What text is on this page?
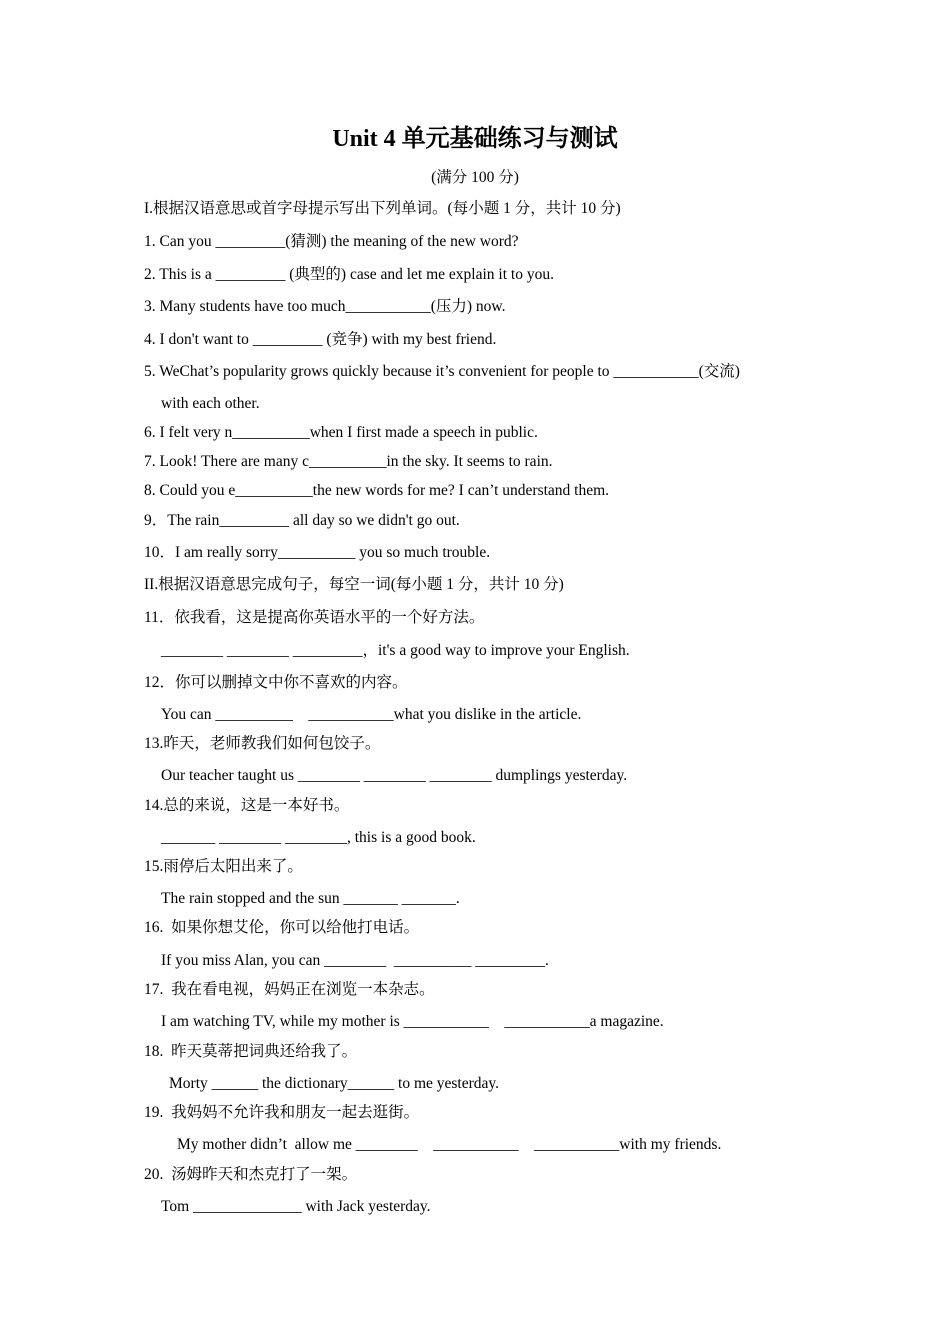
Unit 4 单元基础练习与测试
(满分 100 分)
I.根据汉语意思或首字母提示写出下列单词。(每小题 1 分，共计 10 分)
1. Can you _________(猜测) the meaning of the new word?
2. This is a _________ (典型的) case and let me explain it to you.
3. Many students have too much___________(压力) now.
4. I don't want to _________ (竞争) with my best friend.
5. WeChat’s popularity grows quickly because it’s convenient for people to ___________(交流)
with each other.
6. I felt very n__________when I first made a speech in public.
7. Look! There are many c__________in the sky. It seems to rain.
8. Could you e__________the new words for me? I can’t understand them.
9．The rain_________ all day so we didn't go out.
10．I am really sorry__________ you so much trouble.
II.根据汉语意思完成句子，每空一词(每小题 1 分，共计 10 分)
11．依我看，这是提高你英语水平的一个好方法。
________ ________ _________，it's a good way to improve your English.
12．你可以删掉文中你不喜欢的内容。
You can __________    ___________what you dislike in the article.
13.昨天，老师教我们如何包饺子。
Our teacher taught us ________ ________ ________ dumplings yesterday.
14.总的来说，这是一本好书。
_______ ________ ________, this is a good book.
15.雨停后太阳出来了。
The rain stopped and the sun _______ _______.
16.  如果你想艾伦，你可以给他打电话。
If you miss Alan, you can ________  __________ _________.
17.  我在看电视，妈妈正在浏览一本杂志。
I am watching TV, while my mother is ___________    ___________a magazine.
18.  昨天莫蒂把词典还给我了。
Morty ______ the dictionary______ to me yesterday.
19.  我妈妈不允许我和朋友一起去逛街。
My mother didn’t  allow me ________    ___________    ___________with my friends.
20.  汤姆昨天和杰克打了一架。
Tom ______________ with Jack yesterday.
